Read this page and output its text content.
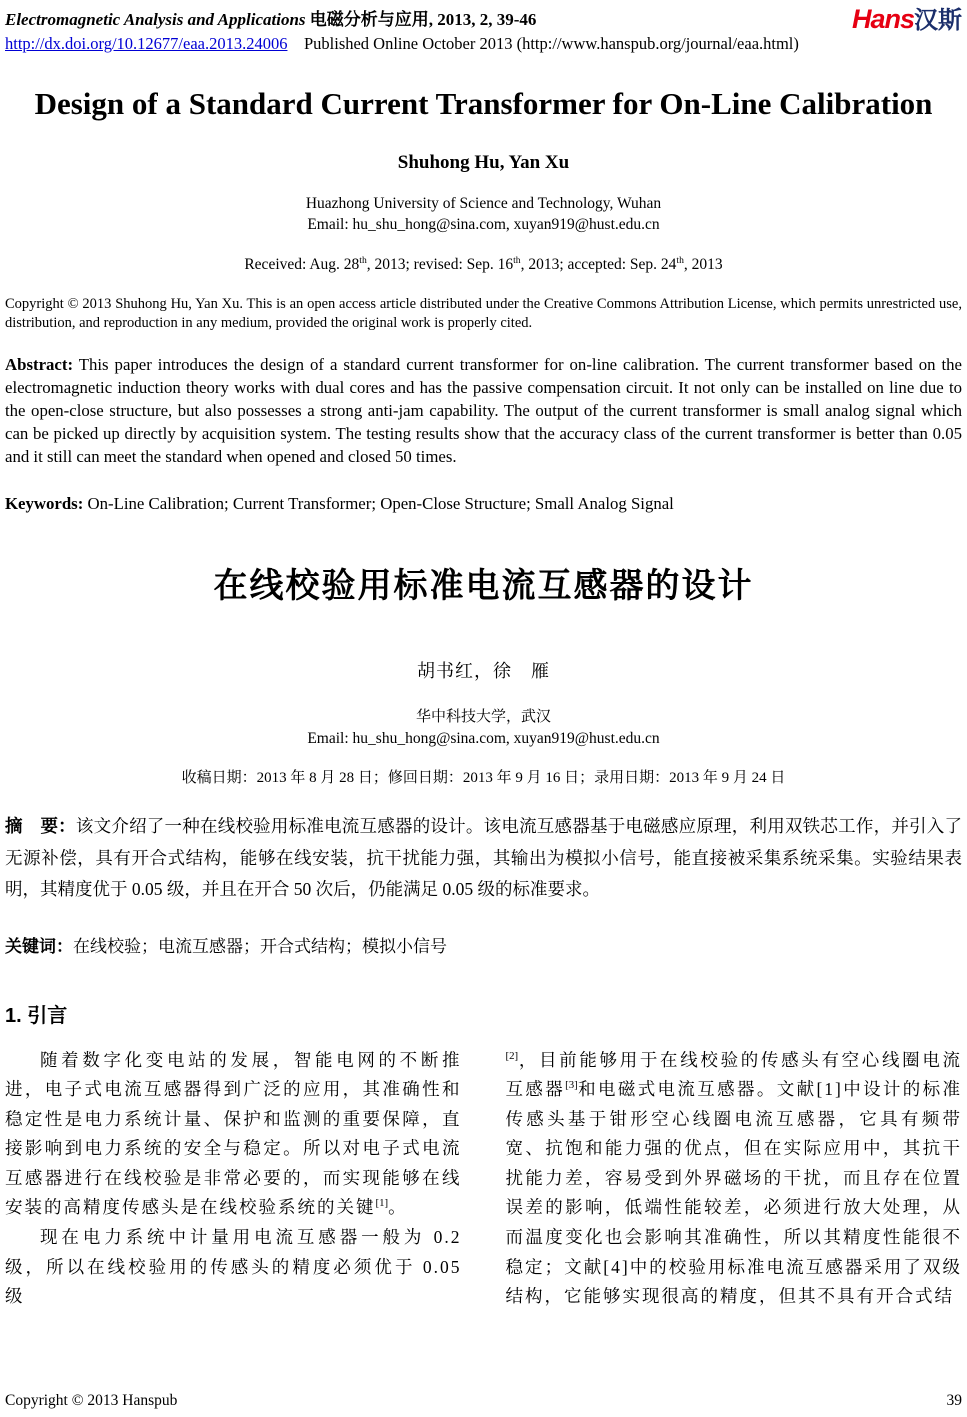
Electromagnetic Analysis and Applications 电磁分析与应用, 2013, 2, 39-46
http://dx.doi.org/10.12677/eaa.2013.24006 Published Online October 2013 (http://www.hanspub.org/journal/eaa.html)
Hans汉斯
Design of a Standard Current Transformer for On-Line Calibration
Shuhong Hu, Yan Xu
Huazhong University of Science and Technology, Wuhan
Email: hu_shu_hong@sina.com, xuyan919@hust.edu.cn
Received: Aug. 28th, 2013; revised: Sep. 16th, 2013; accepted: Sep. 24th, 2013
Copyright © 2013 Shuhong Hu, Yan Xu. This is an open access article distributed under the Creative Commons Attribution License, which permits unrestricted use, distribution, and reproduction in any medium, provided the original work is properly cited.
Abstract: This paper introduces the design of a standard current transformer for on-line calibration. The current transformer based on the electromagnetic induction theory works with dual cores and has the passive compensation circuit. It not only can be installed on line due to the open-close structure, but also possesses a strong anti-jam capability. The output of the current transformer is small analog signal which can be picked up directly by acquisition system. The testing results show that the accuracy class of the current transformer is better than 0.05 and it still can meet the standard when opened and closed 50 times.
Keywords: On-Line Calibration; Current Transformer; Open-Close Structure; Small Analog Signal
在线校验用标准电流互感器的设计
胡书红，徐　雁
华中科技大学，武汉
Email: hu_shu_hong@sina.com, xuyan919@hust.edu.cn
收稿日期：2013 年 8 月 28 日；修回日期：2013 年 9 月 16 日；录用日期：2013 年 9 月 24 日
摘　要：该文介绍了一种在线校验用标准电流互感器的设计。该电流互感器基于电磁感应原理，利用双铁芯工作，并引入了无源补偿，具有开合式结构，能够在线安装，抗干扰能力强，其输出为模拟小信号，能直接被采集系统采集。实验结果表明，其精度优于 0.05 级，并且在开合 50 次后，仍能满足 0.05 级的标准要求。
关键词：在线校验；电流互感器；开合式结构；模拟小信号
1. 引言

随着数字化变电站的发展，智能电网的不断推进，电子式电流互感器得到广泛的应用，其准确性和稳定性是电力系统计量、保护和监测的重要保障，直接影响到电力系统的安全与稳定。所以对电子式电流互感器进行在线校验是非常必要的，而实现能够在线安装的高精度传感头是在线校验系统的关键[1]。

现在电力系统中计量用电流互感器一般为 0.2 级，所以在线校验用的传感头的精度必须优于 0.05 级

[2]，目前能够用于在线校验的传感头有空心线圈电流互感器[3]和电磁式电流互感器。文献[1]中设计的标准传感头基于钳形空心线圈电流互感器，它具有频带宽、抗饱和能力强的优点，但在实际应用中，其抗干扰能力差，容易受到外界磁场的干扰，而且存在位置误差的影响，低端性能较差，必须进行放大处理，从而温度变化也会影响其准确性，所以其精度性能很不稳定；文献[4]中的校验用标准电流互感器采用了双级结构，它能够实现很高的精度，但其不具有开合式结

Copyright © 2013 Hanspub	39
